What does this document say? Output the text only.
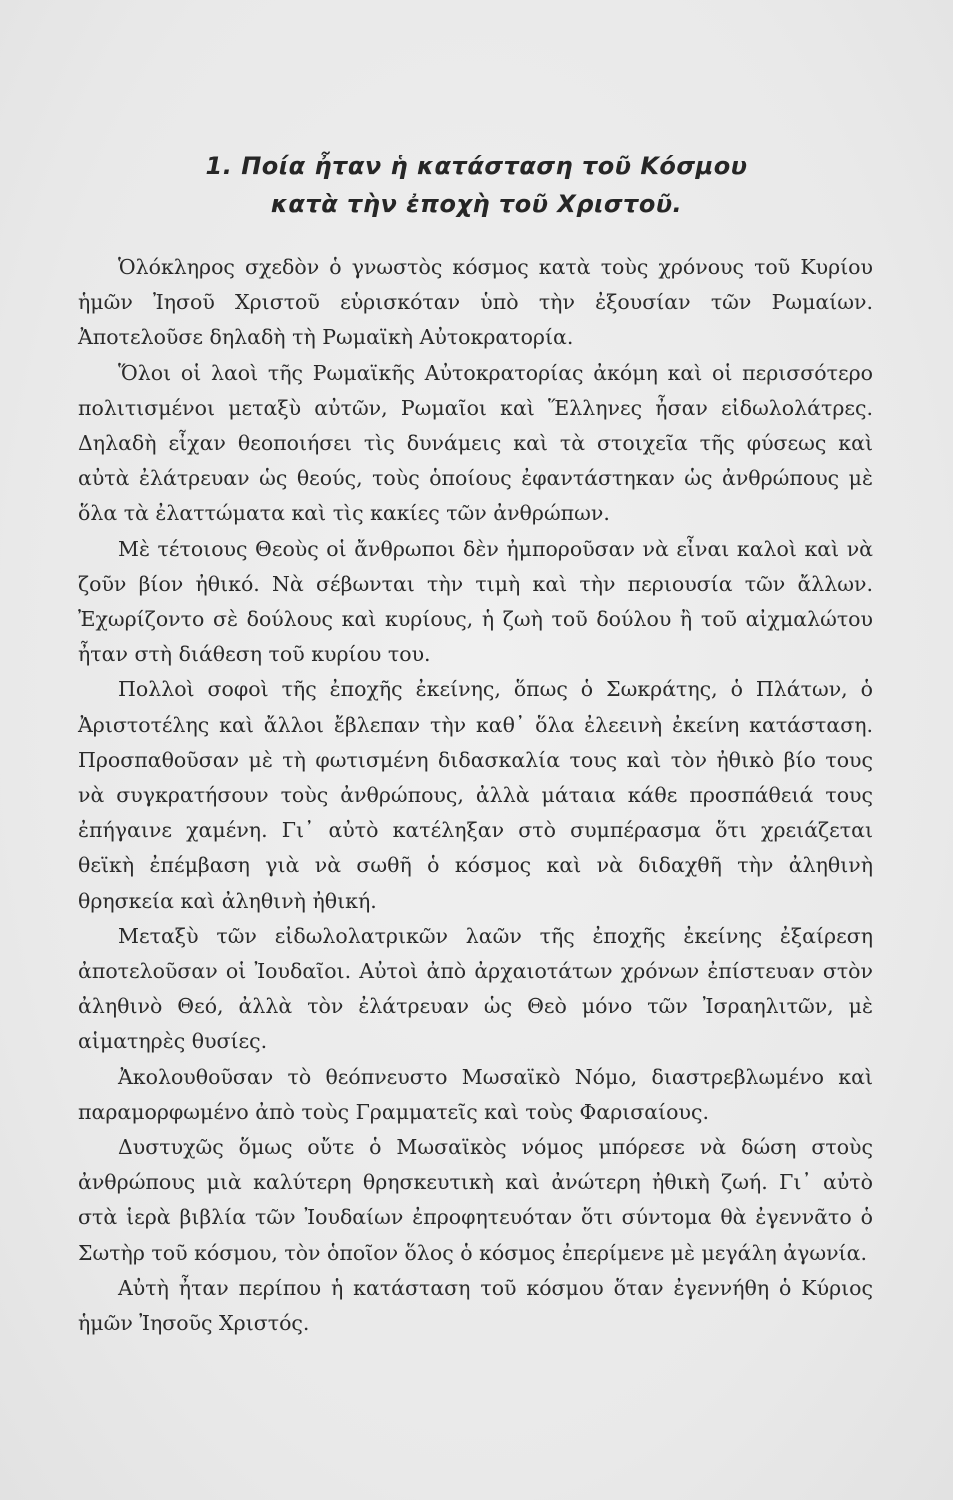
1. Ποία ἦταν ἡ κατάσταση τοῦ Κόσμου
κατὰ τὴν ἐποχὴ τοῦ Χριστοῦ.

Ὁλόκληρος σχεδὸν ὁ γνωστὸς κόσμος κατὰ τοὺς χρόνους τοῦ Κυρίου ἡμῶν Ἰησοῦ Χριστοῦ εὑρισκόταν ὑπὸ τὴν ἐξουσίαν τῶν Ρωμαίων. Ἀποτελοῦσε δηλαδὴ τὴ Ρωμαϊκὴ Αὐτοκρατορία.

Ὅλοι οἱ λαοὶ τῆς Ρωμαϊκῆς Αὐτοκρατορίας ἀκόμη καὶ οἱ περισσότερο πολιτισμένοι μεταξὺ αὐτῶν, Ρωμαῖοι καὶ Ἕλληνες ἦσαν εἰδωλολάτρες. Δηλαδὴ εἶχαν θεοποιήσει τὶς δυνάμεις καὶ τὰ στοιχεῖα τῆς φύσεως καὶ αὐτὰ ἐλάτρευαν ὡς θεούς, τοὺς ὁποίους ἐφαντάστηκαν ὡς ἀνθρώπους μὲ ὅλα τὰ ἐλαττώματα καὶ τὶς κακίες τῶν ἀνθρώπων.

Μὲ τέτοιους Θεοὺς οἱ ἄνθρωποι δὲν ἠμποροῦσαν νὰ εἶναι καλοὶ καὶ νὰ ζοῦν βίον ἠθικό. Νὰ σέβωνται τὴν τιμὴ καὶ τὴν περιουσία τῶν ἄλλων. Ἐχωρίζοντο σὲ δούλους καὶ κυρίους, ἡ ζωὴ τοῦ δούλου ἢ τοῦ αἰχμαλώτου ἦταν στὴ διάθεση τοῦ κυρίου του.

Πολλοὶ σοφοὶ τῆς ἐποχῆς ἐκείνης, ὅπως ὁ Σωκράτης, ὁ Πλάτων, ὁ Ἀριστοτέλης καὶ ἄλλοι ἔβλεπαν τὴν καθ᾽ ὅλα ἐλεεινὴ ἐκείνη κατάσταση. Προσπαθοῦσαν μὲ τὴ φωτισμένη διδασκαλία τους καὶ τὸν ἠθικὸ βίο τους νὰ συγκρατήσουν τοὺς ἀνθρώπους, ἀλλὰ μάταια κάθε προσπάθειά τους ἐπήγαινε χαμένη. Γι᾽ αὐτὸ κατέληξαν στὸ συμπέρασμα ὅτι χρειάζεται θεϊκὴ ἐπέμβαση γιὰ νὰ σωθῆ ὁ κόσμος καὶ νὰ διδαχθῆ τὴν ἀληθινὴ θρησκεία καὶ ἀληθινὴ ἠθική.

Μεταξὺ τῶν εἰδωλολατρικῶν λαῶν τῆς ἐποχῆς ἐκείνης ἐξαίρεση ἀποτελοῦσαν οἱ Ἰουδαῖοι. Αὐτοὶ ἀπὸ ἀρχαιοτάτων χρόνων ἐπίστευαν στὸν ἀληθινὸ Θεό, ἀλλὰ τὸν ἐλάτρευαν ὡς Θεὸ μόνο τῶν Ἰσραηλιτῶν, μὲ αἱματηρὲς θυσίες.

Ἀκολουθοῦσαν τὸ θεόπνευστο Μωσαϊκὸ Νόμο, διαστρεβλωμένο καὶ παραμορφωμένο ἀπὸ τοὺς Γραμματεῖς καὶ τοὺς Φαρισαίους.

Δυστυχῶς ὅμως οὔτε ὁ Μωσαϊκὸς νόμος μπόρεσε νὰ δώση στοὺς ἀνθρώπους μιὰ καλύτερη θρησκευτικὴ καὶ ἀνώτερη ἠθικὴ ζωή. Γι᾽ αὐτὸ στὰ ἱερὰ βιβλία τῶν Ἰουδαίων ἐπροφητευόταν ὅτι σύντομα θὰ ἐγεννᾶτο ὁ Σωτὴρ τοῦ κόσμου, τὸν ὁποῖον ὅλος ὁ κόσμος ἐπερίμενε μὲ μεγάλη ἀγωνία.

Αὐτὴ ἦταν περίπου ἡ κατάσταση τοῦ κόσμου ὅταν ἐγεννήθη ὁ Κύριος ἡμῶν Ἰησοῦς Χριστός.
